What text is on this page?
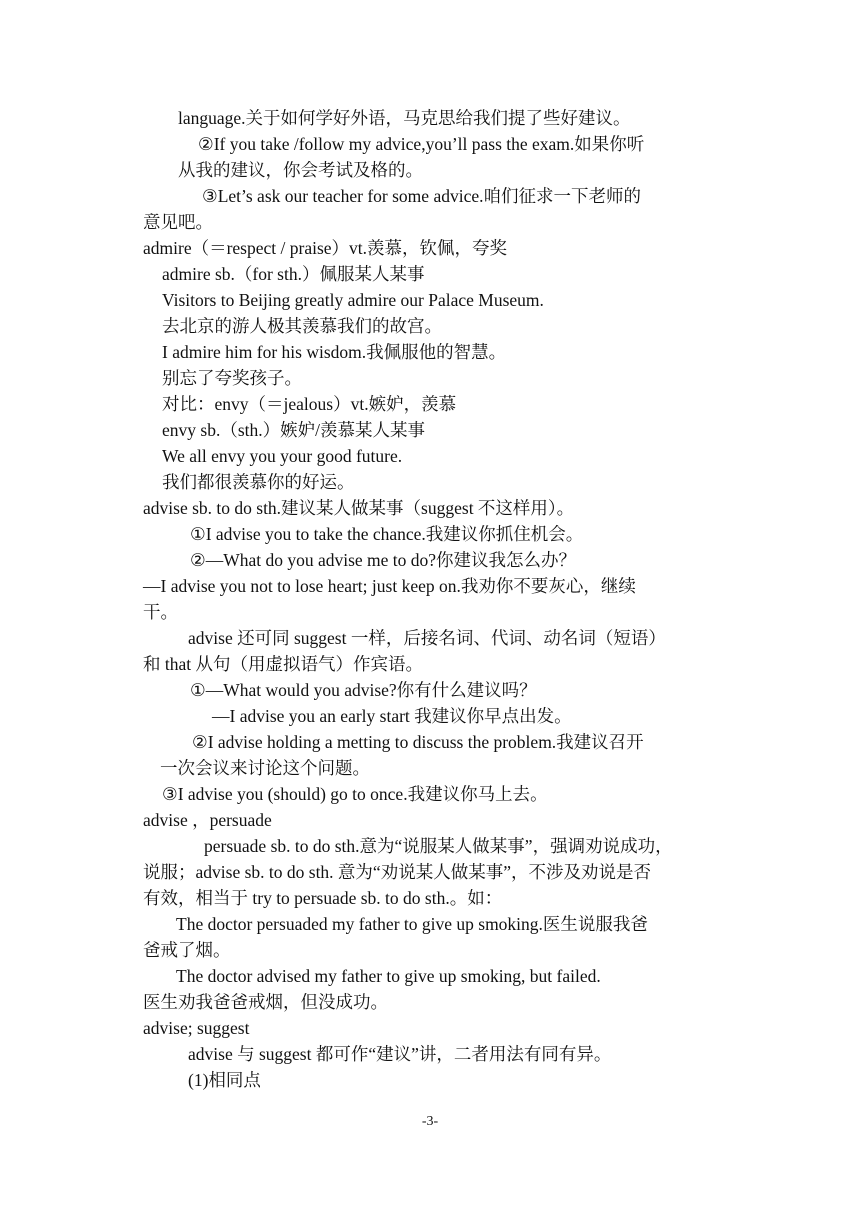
language.关于如何学好外语，马克思给我们提了些好建议。
②If you take /follow my advice,you’ll pass the exam.如果你听
从我的建议，你会考试及格的。
③Let’s ask our teacher for some advice.咱们征求一下老师的
意见吧。
admire（＝respect / praise）vt.羡慕，钦佩，夸奖
admire sb.（for sth.）佩服某人某事
Visitors to Beijing greatly admire our Palace Museum.
去北京的游人极其羡慕我们的故宫。
I admire him for his wisdom.我佩服他的智慧。
别忘了夸奖孩子。
对比：envy（＝jealous）vt.嫉妒，羡慕
envy sb.（sth.）嫉妒/羡慕某人某事
We all envy you your good future.
我们都很羡慕你的好运。
advise sb. to do sth.建议某人做某事（suggest 不这样用）。
①I advise you to take the chance.我建议你抓住机会。
②—What do you advise me to do?你建议我怎么办？
—I advise you not to lose heart; just keep on.我劝你不要灰心，继续
干。
advise 还可同 suggest 一样，后接名词、代词、动名词（短语）
和 that 从句（用虚拟语气）作宾语。
①—What would you advise?你有什么建议吗？
—I advise you an early start 我建议你早点出发。
②I advise holding a metting to discuss the problem.我建议召开
一次会议来讨论这个问题。
③I advise you (should) go to once.我建议你马上去。
advise ，persuade
persuade sb. to do sth.意为“说服某人做某事”，强调劝说成功，
说服；advise sb. to do sth. 意为“劝说某人做某事”，不涉及劝说是否
有效，相当于 try to persuade sb. to do sth.。如：
The doctor persuaded my father to give up smoking.医生说服我爸
爸戒了烟。
The doctor advised my father to give up smoking, but failed.
医生劝我爸爸戒烟，但没成功。
advise; suggest
advise 与 suggest 都可作“建议”讲，二者用法有同有异。
(1)相同点
-3-
